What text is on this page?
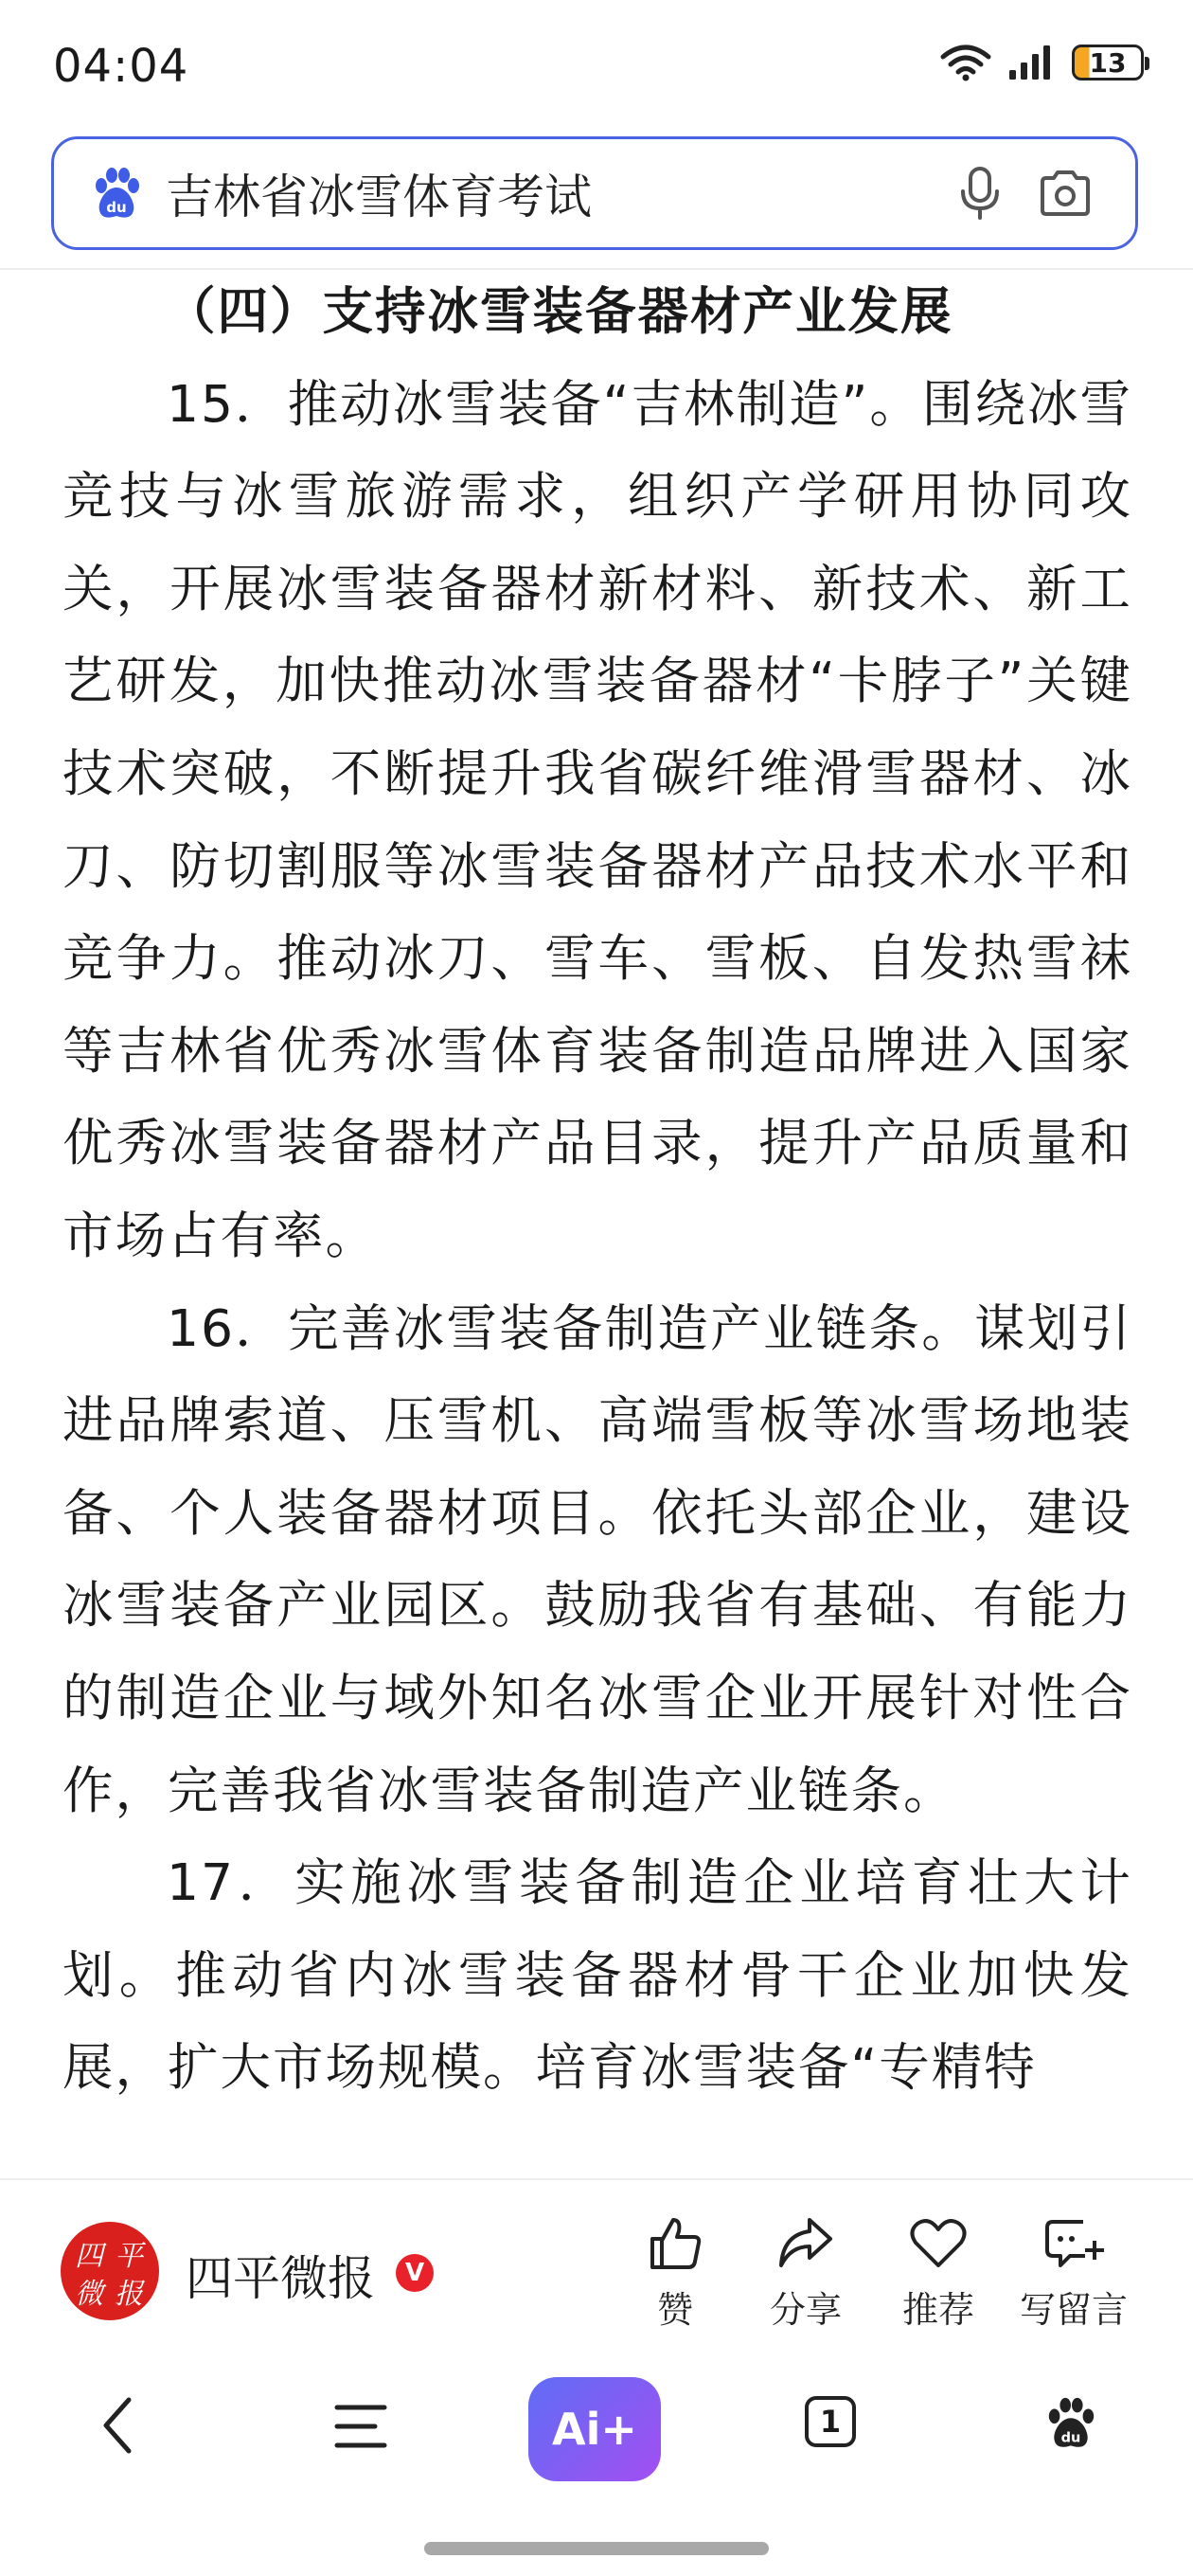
04:04	13
du 吉林省冰雪体育考试

（四）支持冰雪装备器材产业发展

15．推动冰雪装备“吉林制造”。围绕冰雪竞技与冰雪旅游需求，组织产学研用协同攻关，开展冰雪装备器材新材料、新技术、新工艺研发，加快推动冰雪装备器材“卡脖子”关键技术突破，不断提升我省碳纤维滑雪器材、冰刀、防切割服等冰雪装备器材产品技术水平和竞争力。推动冰刀、雪车、雪板、自发热雪袜等吉林省优秀冰雪体育装备制造品牌进入国家优秀冰雪装备器材产品目录，提升产品质量和市场占有率。

16．完善冰雪装备制造产业链条。谋划引进品牌索道、压雪机、高端雪板等冰雪场地装备、个人装备器材项目。依托头部企业，建设冰雪装备产业园区。鼓励我省有基础、有能力的制造企业与域外知名冰雪企业开展针对性合作，完善我省冰雪装备制造产业链条。

17．实施冰雪装备制造企业培育壮大计划。推动省内冰雪装备器材骨干企业加快发展，扩大市场规模。培育冰雪装备“专精特

四 平
微 报 四平微报	V
赞	分享	推荐	写留言
Ai+	1	du
